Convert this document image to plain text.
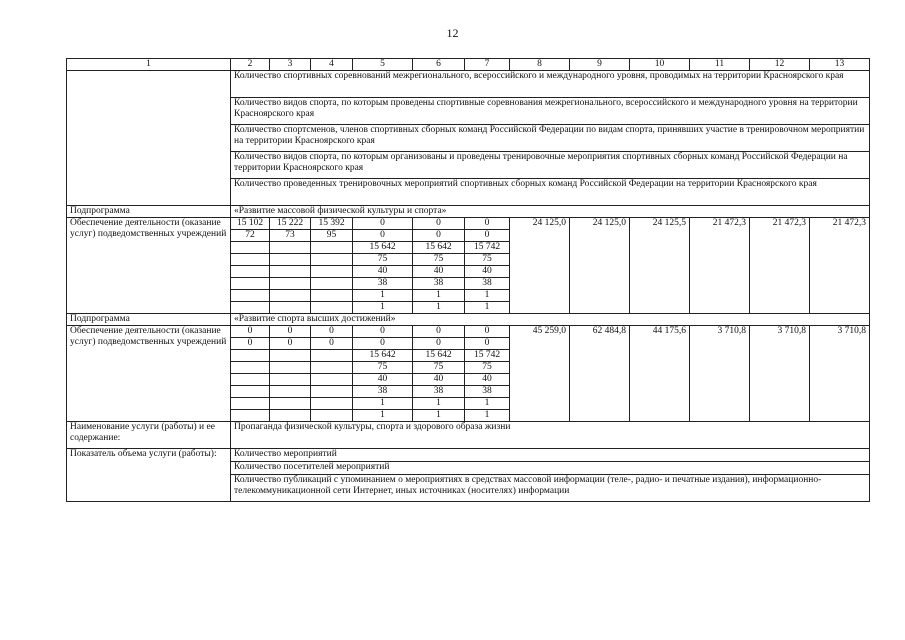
12
1	2	3	4	5	6	7	8	9	10	11	12	13
	Количество спортивных соревнований межрегионального, всероссийского и международного уровня, проводимых на территории Красноярского края											
	Количество видов спорта, по которым проведены спортивные соревнования межрегионального, всероссийского и международного уровня на территории Красноярского края											
	Количество спортсменов, членов спортивных сборных команд Российской Федерации по видам спорта, принявших участие в тренировочном мероприятии на территории Красноярского края											
	Количество видов спорта, по которым организованы и проведены тренировочные мероприятия спортивных сборных команд Российской Федерации на территории Красноярского края											
	Количество проведенных тренировочных мероприятий спортивных сборных команд Российской Федерации на территории Красноярского края											
Подпрограмма	«Развитие массовой физической культуры и спорта»											
Обеспечение деятельности (оказание услуг) подведомственных учреждений	15 102	15 222	15 392	0	0	0	24 125,0	24 125,0	24 125,5	21 472,3	21 472,3	21 472,3
	72	73	95	0	0	0						
				15 642	15 642	15 742						
				75	75	75						
				40	40	40						
				38	38	38						
				1	1	1						
				1	1	1						
Подпрограмма	«Развитие спорта высших достижений»											
Обеспечение деятельности (оказание услуг) подведомственных учреждений	0	0	0	0	0	0	45 259,0	62 484,8	44 175,6	3 710,8	3 710,8	3 710,8
	0	0	0	0	0	0						
				15 642	15 642	15 742						
				75	75	75						
				40	40	40						
				38	38	38						
				1	1	1						
				1	1	1						
Наименование услуги (работы) и ее содержание:	Пропаганда физической культуры, спорта и здорового образа жизни											
Показатель объема услуги (работы):	Количество мероприятий											
	Количество посетителей мероприятий											
	Количество публикаций с упоминанием о мероприятиях в средствах массовой информации (теле-, радио- и печатные издания), информационно-телекоммуникационной сети Интернет, иных источниках (носителях) информации											
